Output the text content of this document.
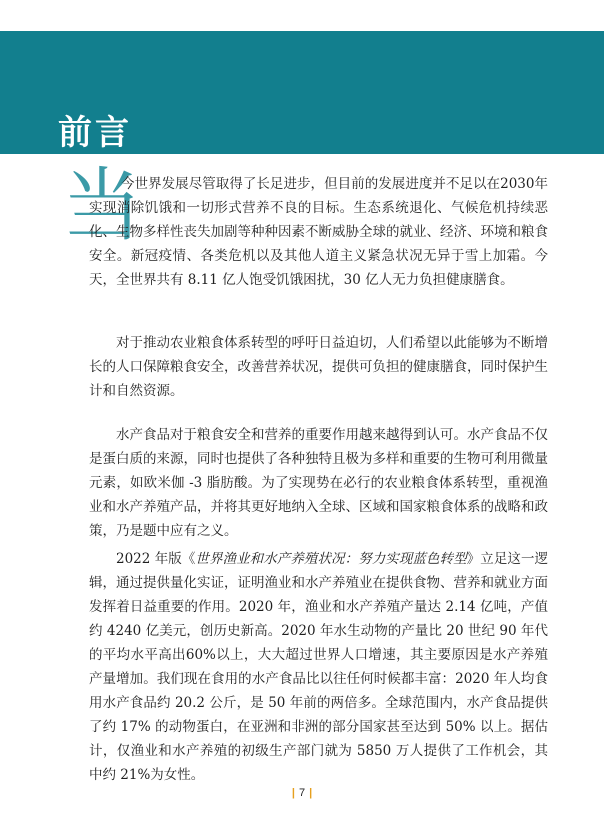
前言
当
今世界发展尽管取得了长足进步，但目前的发展进度并不足以在2030年实现消除饥饿和一切形式营养不良的目标。生态系统退化、气候危机持续恶化、生物多样性丧失加剧等种种因素不断威胁全球的就业、经济、环境和粮食安全。新冠疫情、各类危机以及其他人道主义紧急状况无异于雪上加霜。今天，全世界共有 8.11 亿人饱受饥饿困扰，30 亿人无力负担健康膳食。
对于推动农业粮食体系转型的呼吁日益迫切，人们希望以此能够为不断增长的人口保障粮食安全，改善营养状况，提供可负担的健康膳食，同时保护生计和自然资源。
水产食品对于粮食安全和营养的重要作用越来越得到认可。水产食品不仅是蛋白质的来源，同时也提供了各种独特且极为多样和重要的生物可利用微量元素，如欧米伽 -3 脂肪酸。为了实现势在必行的农业粮食体系转型，重视渔业和水产养殖产品，并将其更好地纳入全球、区域和国家粮食体系的战略和政策，乃是题中应有之义。
2022 年版《世界渔业和水产养殖状况：努力实现蓝色转型》立足这一逻辑，通过提供量化实证，证明渔业和水产养殖业在提供食物、营养和就业方面发挥着日益重要的作用。2020 年，渔业和水产养殖产量达 2.14 亿吨，产值约 4240 亿美元，创历史新高。2020 年水生动物的产量比 20 世纪 90 年代的平均水平高出60%以上，大大超过世界人口增速，其主要原因是水产养殖产量增加。我们现在食用的水产食品比以往任何时候都丰富：2020 年人均食用水产食品约 20.2 公斤，是 50 年前的两倍多。全球范围内，水产食品提供了约 17% 的动物蛋白，在亚洲和非洲的部分国家甚至达到 50% 以上。据估计，仅渔业和水产养殖的初级生产部门就为 5850 万人提供了工作机会，其中约 21%为女性。
| 7 |
